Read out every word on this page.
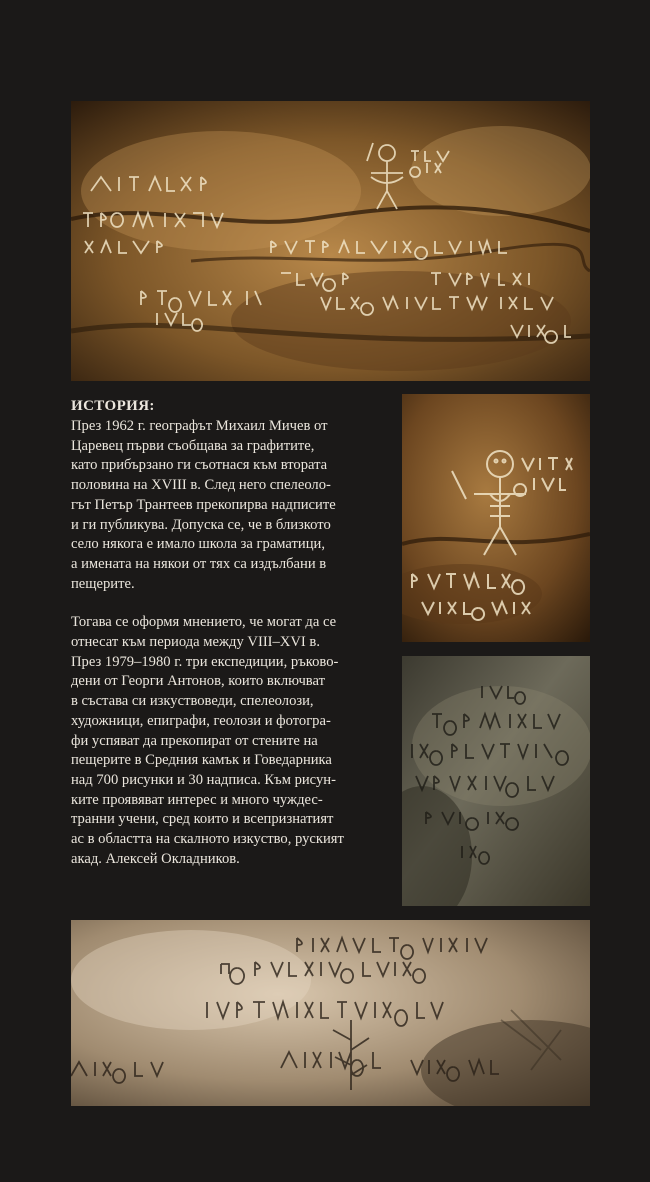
ИСТОРИЯ:

През 1962 г. географът Михаил Мичев от
Царевец първи съобщава за графитите,
като прибързано ги съотнася към втората
половина на XVIII в. След него спелеоло-
гът Петър Трантеев прекопирва надписите
и ги публикува. Допуска се, че в близкото
село някога е имало школа за граматици,
а имената на някои от тях са издълбани в
пещерите.

Тогава се оформя мнението, че могат да се
отнесат към периода между VIII–XVI в.
През 1979–1980 г. три експедиции, ръково-
дени от Георги Антонов, които включват
в състава си изкуствоведи, спелеолози,
художници, епиграфи, геолози и фотогра-
фи успяват да прекопират от стените на
пещерите в Средния камък и Говедарника
над 700 рисунки и 30 надписа. Към рисун-
ките проявяват интерес и много чуждес-
транни учени, сред които и всепризнатият
ас в областта на скалното изкуство, руският
акад. Алексей Окладников.
